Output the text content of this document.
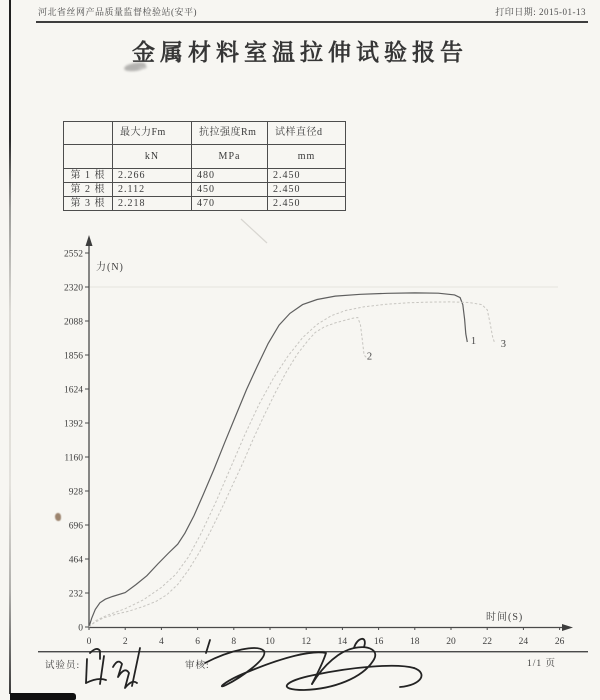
河北省丝网产品质量监督检验站(安平)	打印日期: 2015-01-13
金属材料室温拉伸试验报告
	最大力Fm	抗拉强度Rm	试样直径d
	kN	MPa	mm
第 1 根	2.266	480	2.450
第 2 根	2.112	450	2.450
第 3 根	2.218	470	2.450
0
232
464
696
928
1160
1392
1624
1856
2088
2320
2552
0	2	4	6	8	10	12	14	16	18	20	22	24	26
力(N)
时间(S)
1
2
3
试验员:	审核:	1/1 页
